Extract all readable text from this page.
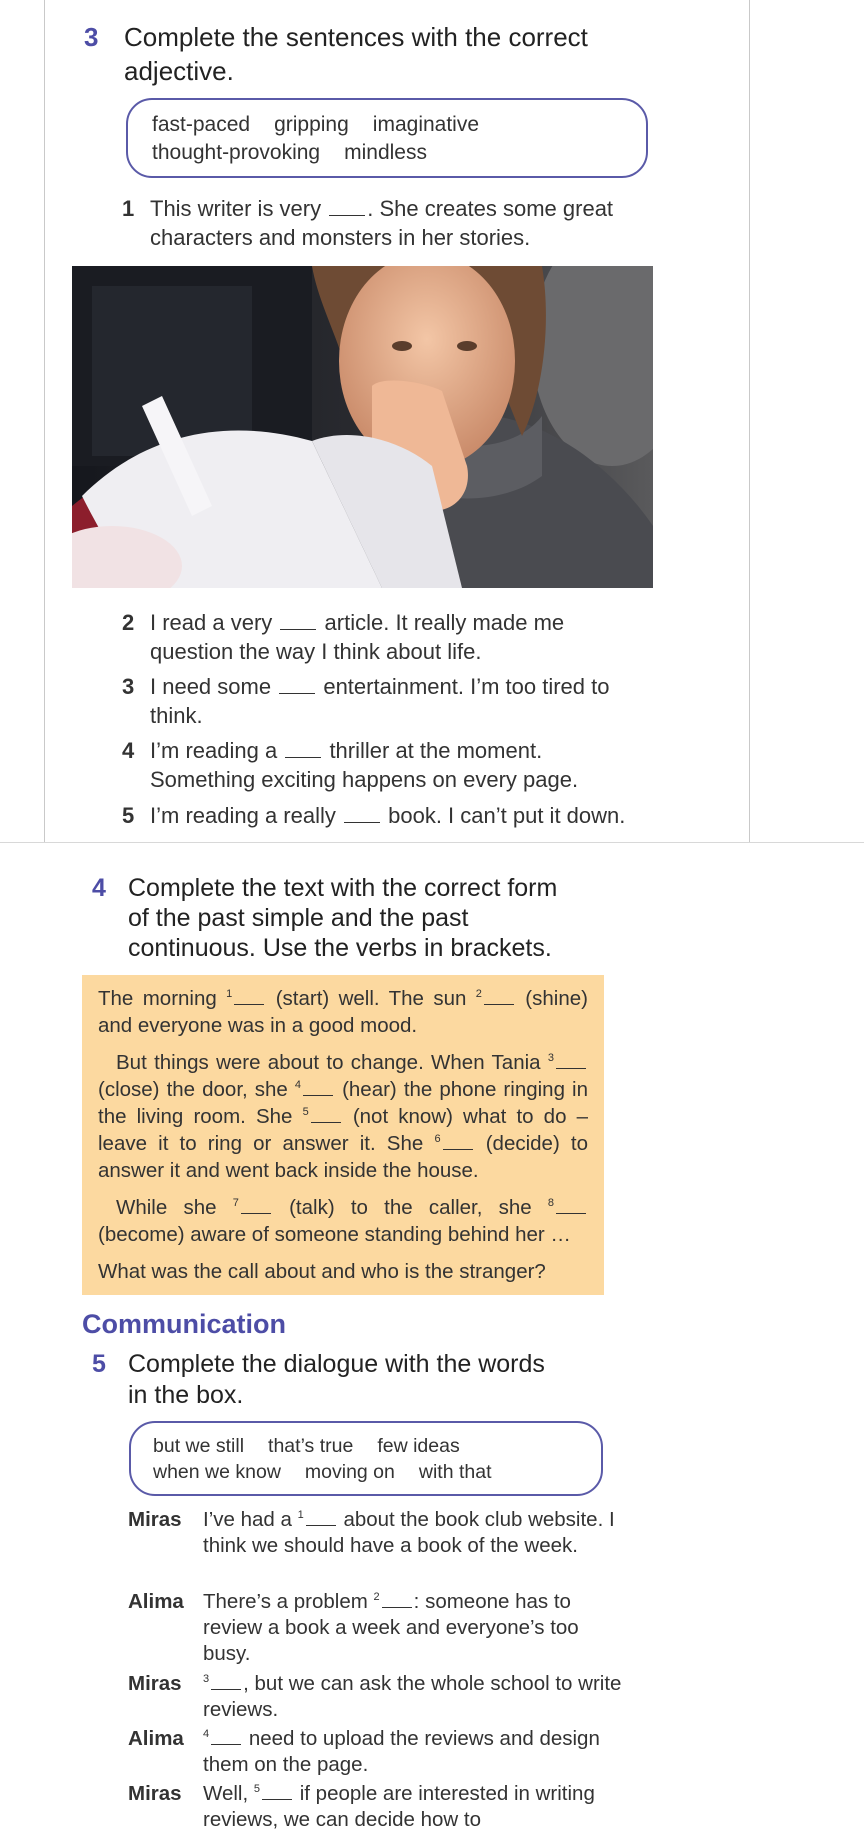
3 Complete the sentences with the correct
adjective.
fast-paced gripping imaginative
thought-provoking mindless
1 This writer is very . She creates some great
characters and monsters in her stories.
2 I read a very article. It really made me
question the way I think about life.
3 I need some entertainment. I’m too tired to
think.
4 I’m reading a thriller at the moment.
Something exciting happens on every page.
5 I’m reading a really book. I can’t put it down.
4 Complete the text with the correct form
of the past simple and the past
continuous. Use the verbs in brackets.

The morning $^1$ (start) well. The sun $^2$ (shine) and everyone was in a good mood.

But things were about to change. When Tania $^3$ (close) the door, she $^4$ (hear) the phone ringing in the living room. She $^5$ (not know) what to do – leave it to ring or answer it. She $^6$ (decide) to answer it and went back inside the house.

While she $^7$ (talk) to the caller, she $^8$ (become) aware of someone standing behind her …

What was the call about and who is the stranger?

Communication
5 Complete the dialogue with the words
in the box.
but we still that’s true few ideas
when we know moving on with that
Miras I’ve had a $^1$ about the book club website. I think we should have a book of the week.
Alima There’s a problem $^2$ : someone has to review a book a week and everyone’s too busy.
Miras $^3$ , but we can ask the whole school to write reviews.
Alima $^4$ need to upload the reviews and design them on the page.
Miras Well, $^5$ if people are interested in writing reviews, we can decide how to
